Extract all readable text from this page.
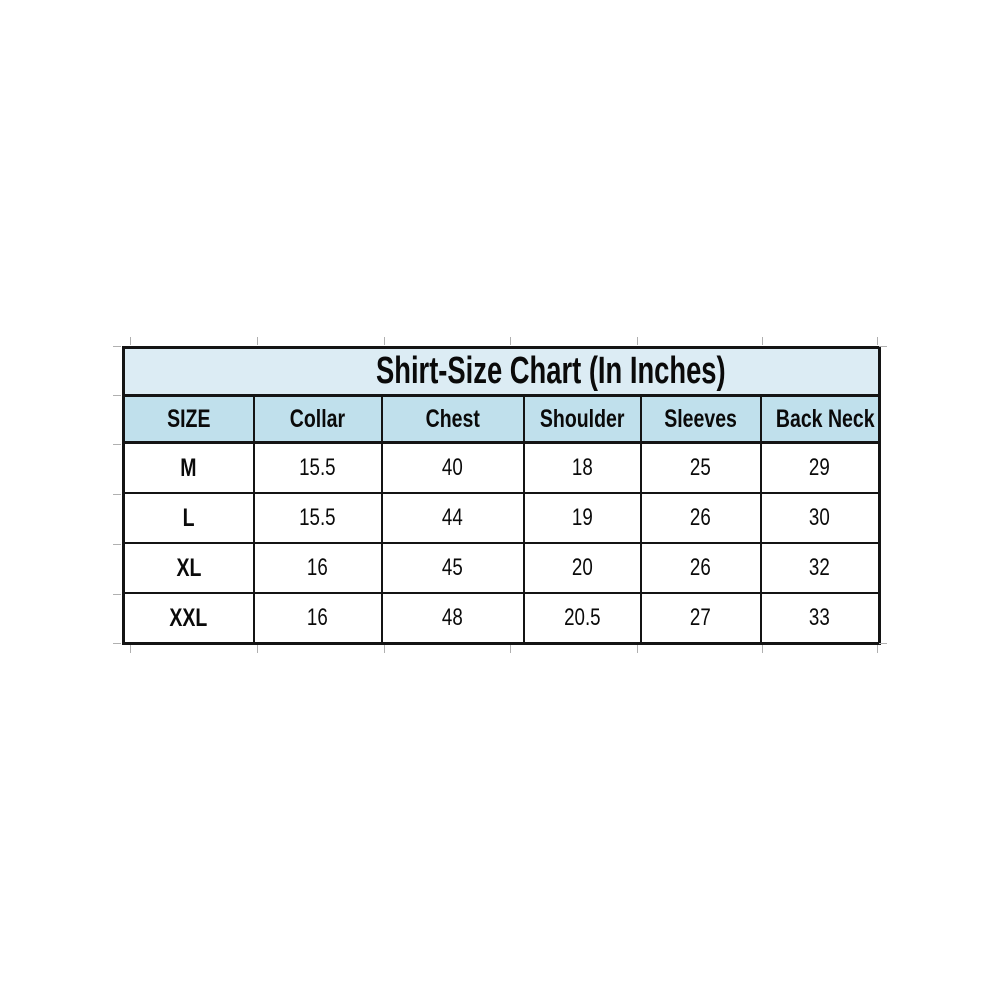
Shirt-Size Chart (In Inches)					
SIZE	Collar	Chest	Shoulder	Sleeves	Back Neck
M	15.5	40	18	25	29
L	15.5	44	19	26	30
XL	16	45	20	26	32
XXL	16	48	20.5	27	33
